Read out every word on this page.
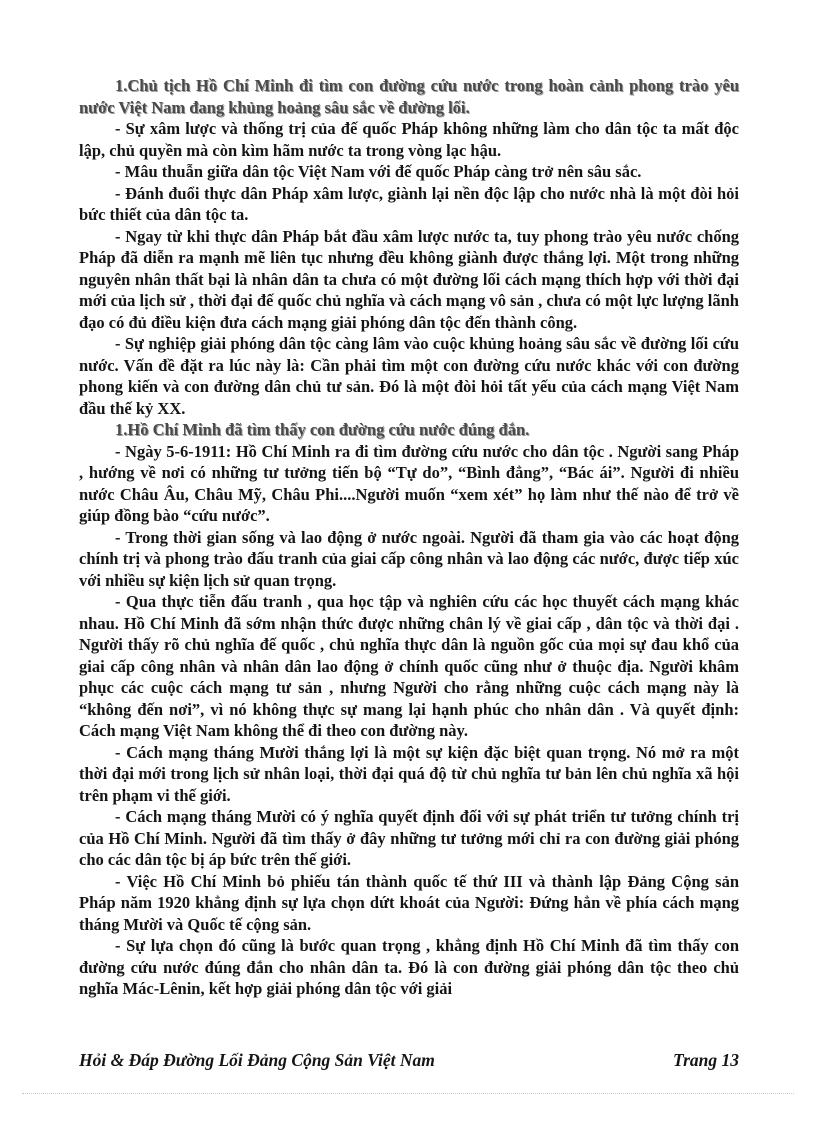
1.Chủ tịch Hồ Chí Minh đi tìm con đường cứu nước trong hoàn cảnh phong trào yêu nước Việt Nam đang khủng hoảng sâu sắc về đường lối.

- Sự xâm lược và thống trị của đế quốc Pháp không những làm cho dân tộc ta mất độc lập, chủ quyền mà còn kìm hãm nước ta trong vòng lạc hậu.

- Mâu thuẫn giữa dân tộc Việt Nam với đế quốc Pháp càng trở nên sâu sắc.

- Đánh đuổi thực dân Pháp xâm lược, giành lại nền độc lập cho nước nhà là một đòi hỏi bức thiết của dân tộc ta.

- Ngay từ khi thực dân Pháp bắt đầu xâm lược nước ta, tuy phong trào yêu nước chống Pháp đã diễn ra mạnh mẽ liên tục nhưng đều không giành được thắng lợi. Một trong những nguyên nhân thất bại là nhân dân ta chưa có một đường lối cách mạng thích hợp với thời đại mới của lịch sử , thời đại đế quốc chủ nghĩa và cách mạng vô sản , chưa có một lực lượng lãnh đạo có đủ điều kiện đưa cách mạng giải phóng dân tộc đến thành công.

- Sự nghiệp giải phóng dân tộc càng lâm vào cuộc khủng hoảng sâu sắc về đường lối cứu nước. Vấn đề đặt ra lúc này là: Cần phải tìm một con đường cứu nước khác với con đường phong kiến và con đường dân chủ tư sản. Đó là một đòi hỏi tất yếu của cách mạng Việt Nam đầu thế kỷ XX.

1.Hồ Chí Minh đã tìm thấy con đường cứu nước đúng đắn.

- Ngày 5-6-1911: Hồ Chí Minh ra đi tìm đường cứu nước cho dân tộc . Người sang Pháp , hướng về nơi có những tư tưởng tiến bộ “Tự do”, “Bình đẳng”, “Bác ái”. Người đi nhiều nước Châu Âu, Châu Mỹ, Châu Phi....Người muốn “xem xét” họ làm như thế nào để trở về giúp đồng bào “cứu nước”.

- Trong thời gian sống và lao động ở nước ngoài. Người đã tham gia vào các hoạt động chính trị và phong trào đấu tranh của giai cấp công nhân và lao động các nước, được tiếp xúc với nhiều sự kiện lịch sử quan trọng.

- Qua thực tiễn đấu tranh , qua học tập và nghiên cứu các học thuyết cách mạng khác nhau. Hồ Chí Minh đã sớm nhận thức được những chân lý về giai cấp , dân tộc và thời đại . Người thấy rõ chủ nghĩa đế quốc , chủ nghĩa thực dân là nguồn gốc của mọi sự đau khổ của giai cấp công nhân và nhân dân lao động ở chính quốc cũng như ở thuộc địa. Người khâm phục các cuộc cách mạng tư sản , nhưng Người cho rằng những cuộc cách mạng này là “không đến nơi”, vì nó không thực sự mang lại hạnh phúc cho nhân dân . Và quyết định: Cách mạng Việt Nam không thể đi theo con đường này.

- Cách mạng tháng Mười thắng lợi là một sự kiện đặc biệt quan trọng. Nó mở ra một thời đại mới trong lịch sử nhân loại, thời đại quá độ từ chủ nghĩa tư bản lên chủ nghĩa xã hội trên phạm vi thế giới.

- Cách mạng tháng Mười có ý nghĩa quyết định đối với sự phát triển tư tưởng chính trị của Hồ Chí Minh. Người đã tìm thấy ở đây những tư tưởng mới chỉ ra con đường giải phóng cho các dân tộc bị áp bức trên thế giới.

- Việc Hồ Chí Minh bỏ phiếu tán thành quốc tế thứ III và thành lập Đảng Cộng sản Pháp năm 1920 khẳng định sự lựa chọn dứt khoát của Người: Đứng hẳn về phía cách mạng tháng Mười và Quốc tế cộng sản.

- Sự lựa chọn đó cũng là bước quan trọng , khẳng định Hồ Chí Minh đã tìm thấy con đường cứu nước đúng đắn cho nhân dân ta. Đó là con đường giải phóng dân tộc theo chủ nghĩa Mác-Lênin, kết hợp giải phóng dân tộc với giải

Hỏi & Đáp Đường Lối Đảng Cộng Sản Việt Nam	Trang 13
